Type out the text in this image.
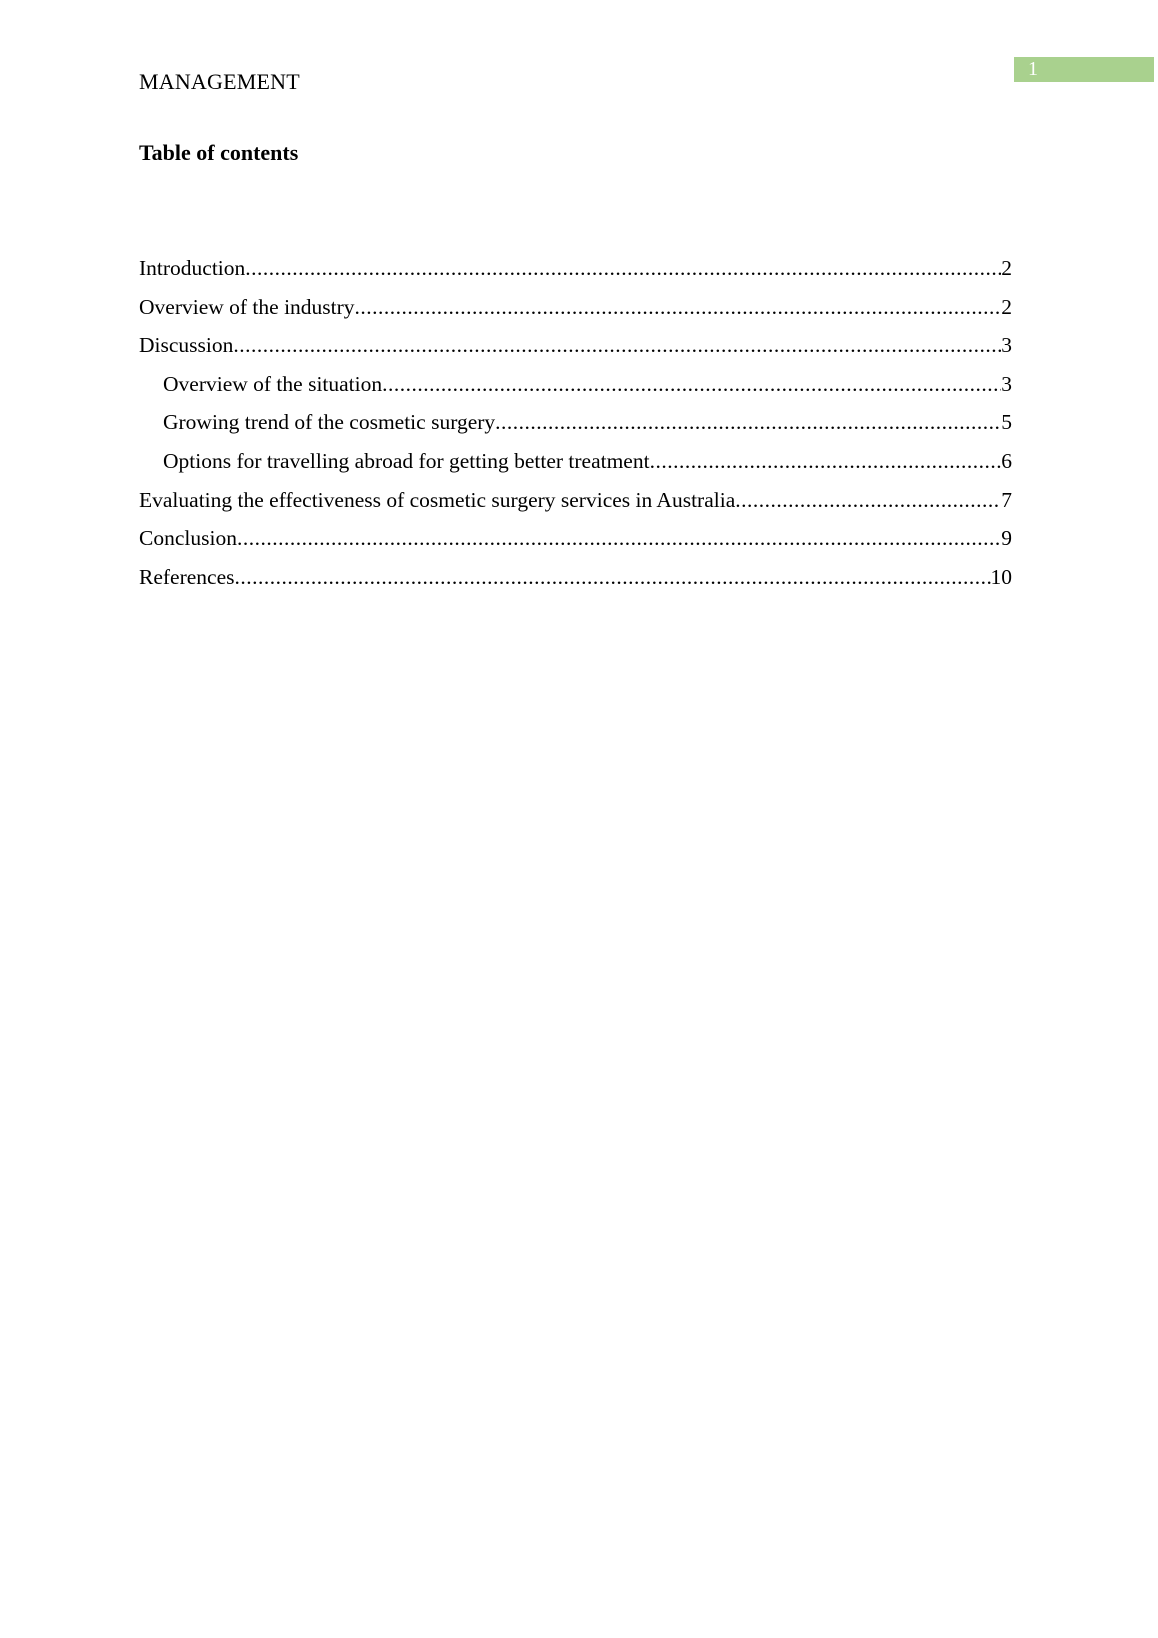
1
MANAGEMENT
Table of contents
Introduction .....	2
Overview of the industry .....	2
Discussion .....	3
Overview of the situation .....	3
Growing trend of the cosmetic surgery .....	5
Options for travelling abroad for getting better treatment .....	6
Evaluating the effectiveness of cosmetic surgery services in Australia .....	7
Conclusion .....	9
References .....	10
